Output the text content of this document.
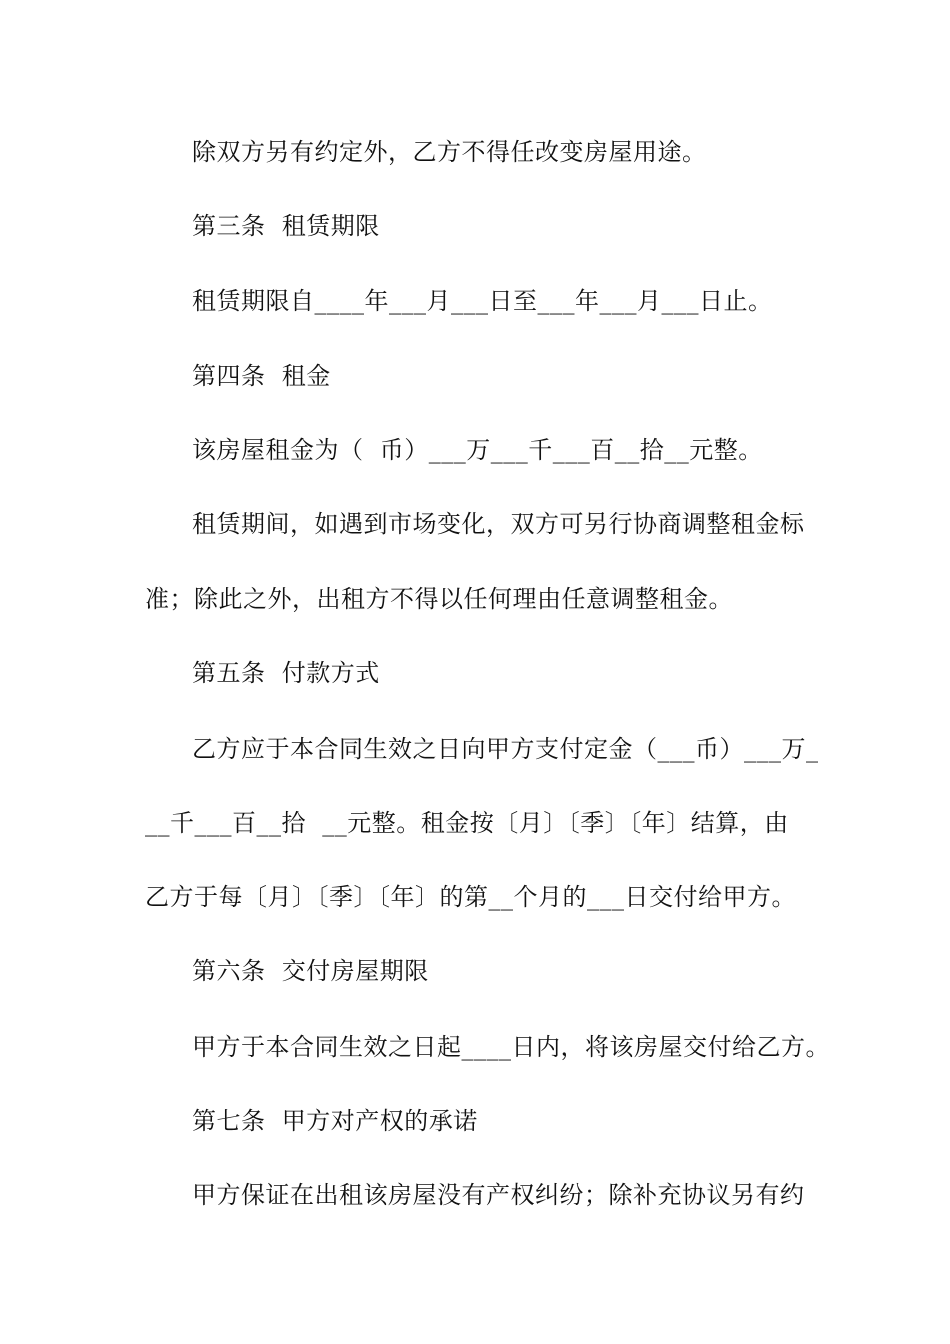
除双方另有约定外，乙方不得任改变房屋用途。
第三条  租赁期限
租赁期限自____年___月___日至___年___月___日止。
第四条  租金
该房屋租金为（  币）___万___千___百__拾__元整。
租赁期间，如遇到市场变化，双方可另行协商调整租金标
准；除此之外，出租方不得以任何理由任意调整租金。
第五条  付款方式
乙方应于本合同生效之日向甲方支付定金（___币）___万_
__千___百__拾  __元整。租金按〔月〕〔季〕〔年〕结算，由
乙方于每〔月〕〔季〕〔年〕的第__个月的___日交付给甲方。
第六条  交付房屋期限
甲方于本合同生效之日起____日内，将该房屋交付给乙方。
第七条  甲方对产权的承诺
甲方保证在出租该房屋没有产权纠纷；除补充协议另有约
